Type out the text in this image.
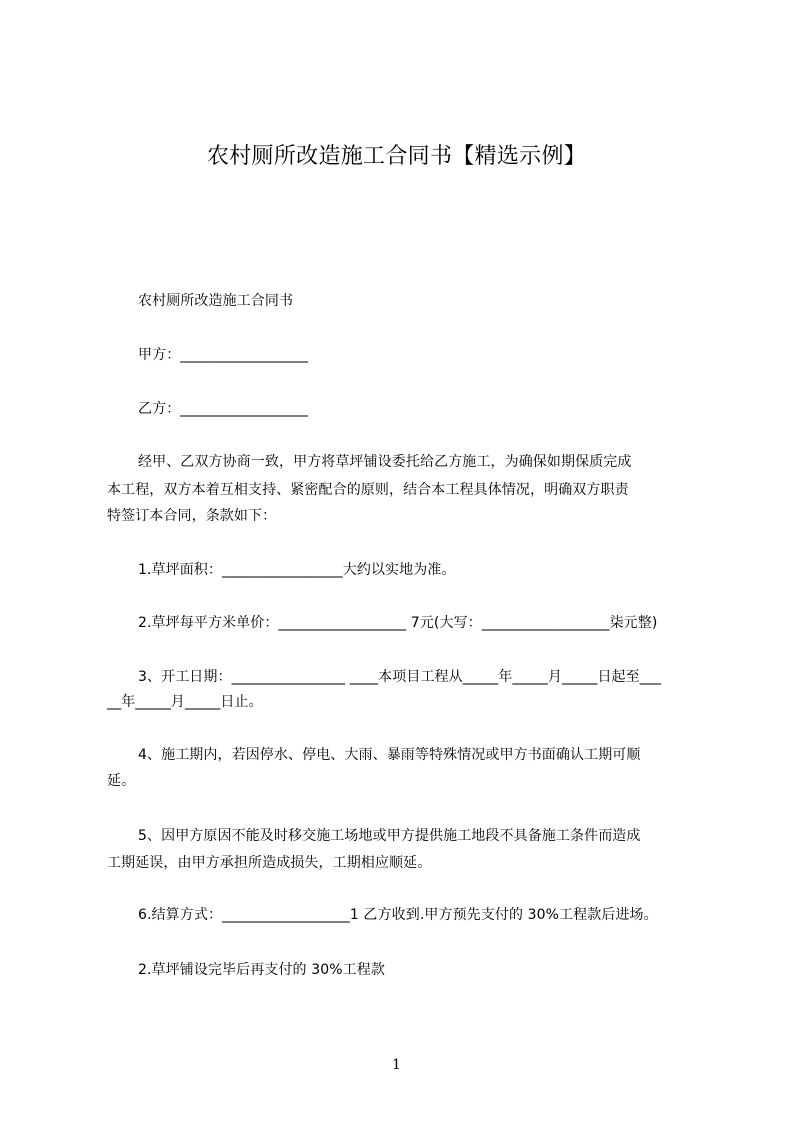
农村厕所改造施工合同书【精选示例】
农村厕所改造施工合同书
甲方：__________________
乙方：__________________
经甲、乙双方协商一致，甲方将草坪铺设委托给乙方施工，为确保如期保质完成
本工程，双方本着互相支持、紧密配合的原则，结合本工程具体情况，明确双方职责
特签订本合同，条款如下：
1.草坪面积：_________________大约以实地为准。
2.草坪每平方米单价：__________________ 7元(大写：__________________柒元整)
3、开工日期：________________ ____本项目工程从_____年_____月_____日起至___
__年_____月_____日止。
4、施工期内，若因停水、停电、大雨、暴雨等特殊情况或甲方书面确认工期可顺
延。
5、因甲方原因不能及时移交施工场地或甲方提供施工地段不具备施工条件而造成
工期延误，由甲方承担所造成损失，工期相应顺延。
6.结算方式：__________________1 乙方收到.甲方预先支付的 30%工程款后进场。
2.草坪铺设完毕后再支付的 30%工程款
1
